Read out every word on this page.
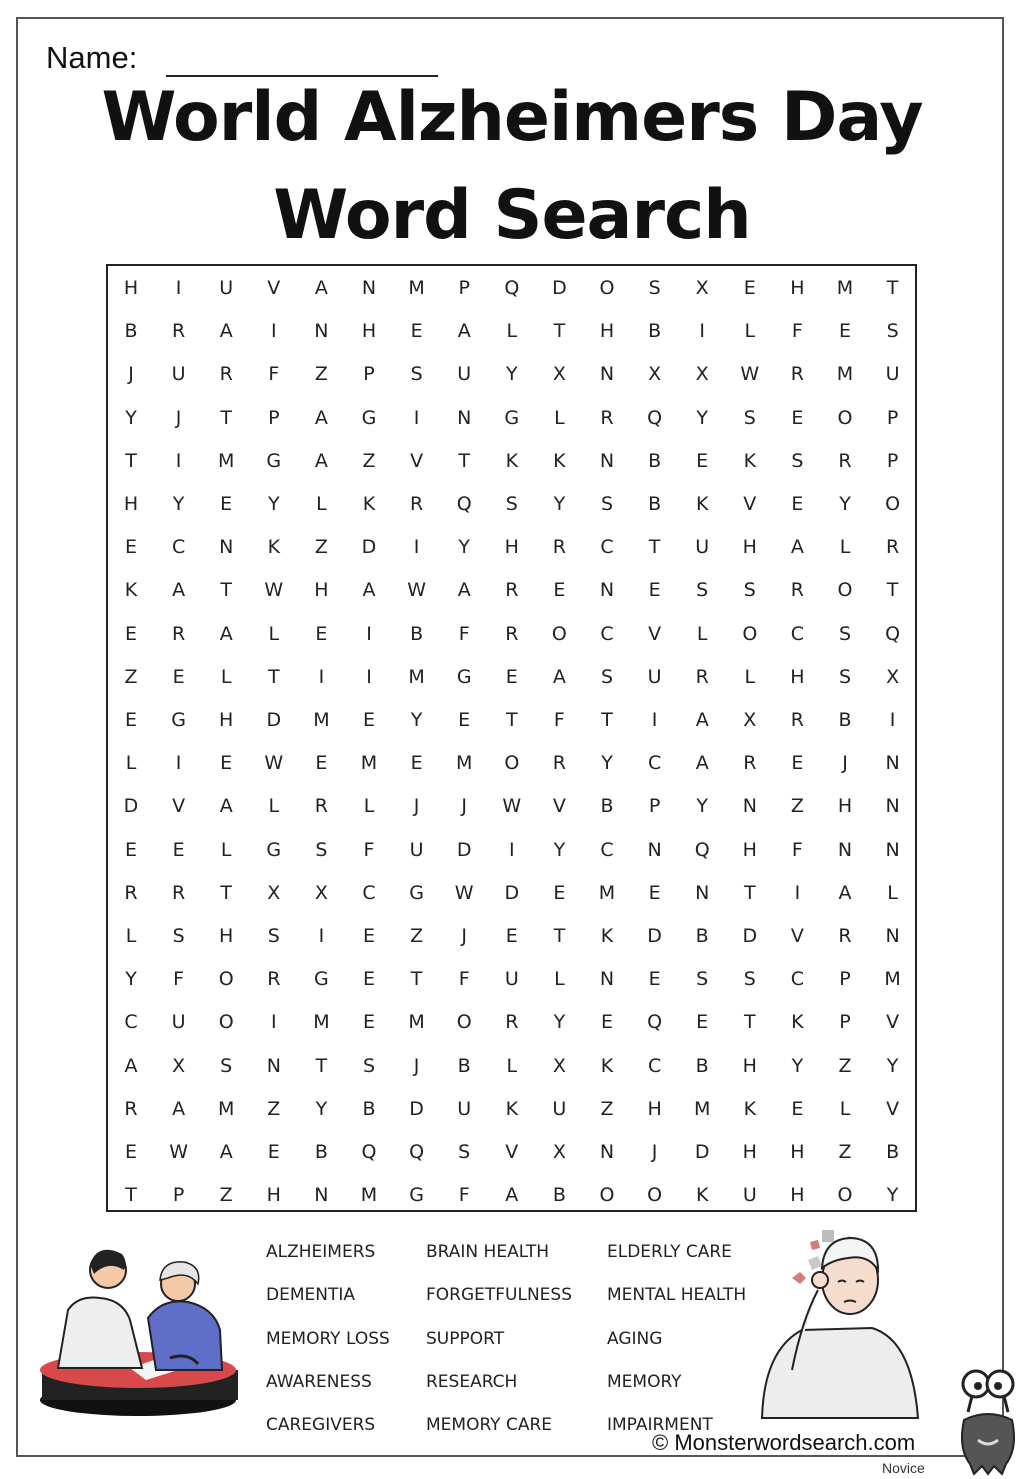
Name:
World Alzheimers Day
Word Search
H	I	U	V	A	N	M	P	Q	D	O	S	X	E	H	M	T
B	R	A	I	N	H	E	A	L	T	H	B	I	L	F	E	S
J	U	R	F	Z	P	S	U	Y	X	N	X	X	W	R	M	U
Y	J	T	P	A	G	I	N	G	L	R	Q	Y	S	E	O	P
T	I	M	G	A	Z	V	T	K	K	N	B	E	K	S	R	P
H	Y	E	Y	L	K	R	Q	S	Y	S	B	K	V	E	Y	O
E	C	N	K	Z	D	I	Y	H	R	C	T	U	H	A	L	R
K	A	T	W	H	A	W	A	R	E	N	E	S	S	R	O	T
E	R	A	L	E	I	B	F	R	O	C	V	L	O	C	S	Q
Z	E	L	T	I	I	M	G	E	A	S	U	R	L	H	S	X
E	G	H	D	M	E	Y	E	T	F	T	I	A	X	R	B	I
L	I	E	W	E	M	E	M	O	R	Y	C	A	R	E	J	N
D	V	A	L	R	L	J	J	W	V	B	P	Y	N	Z	H	N
E	E	L	G	S	F	U	D	I	Y	C	N	Q	H	F	N	N
R	R	T	X	X	C	G	W	D	E	M	E	N	T	I	A	L
L	S	H	S	I	E	Z	J	E	T	K	D	B	D	V	R	N
Y	F	O	R	G	E	T	F	U	L	N	E	S	S	C	P	M
C	U	O	I	M	E	M	O	R	Y	E	Q	E	T	K	P	V
A	X	S	N	T	S	J	B	L	X	K	C	B	H	Y	Z	Y
R	A	M	Z	Y	B	D	U	K	U	Z	H	M	K	E	L	V
E	W	A	E	B	Q	Q	S	V	X	N	J	D	H	H	Z	B
T	P	Z	H	N	M	G	F	A	B	O	O	K	U	H	O	Y
ALZHEIMERS
DEMENTIA
MEMORY LOSS
AWARENESS
CAREGIVERS
BRAIN HEALTH
FORGETFULNESS
SUPPORT
RESEARCH
MEMORY CARE
ELDERLY CARE
MENTAL HEALTH
AGING
MEMORY
IMPAIRMENT
© Monsterwordsearch.com
Novice
